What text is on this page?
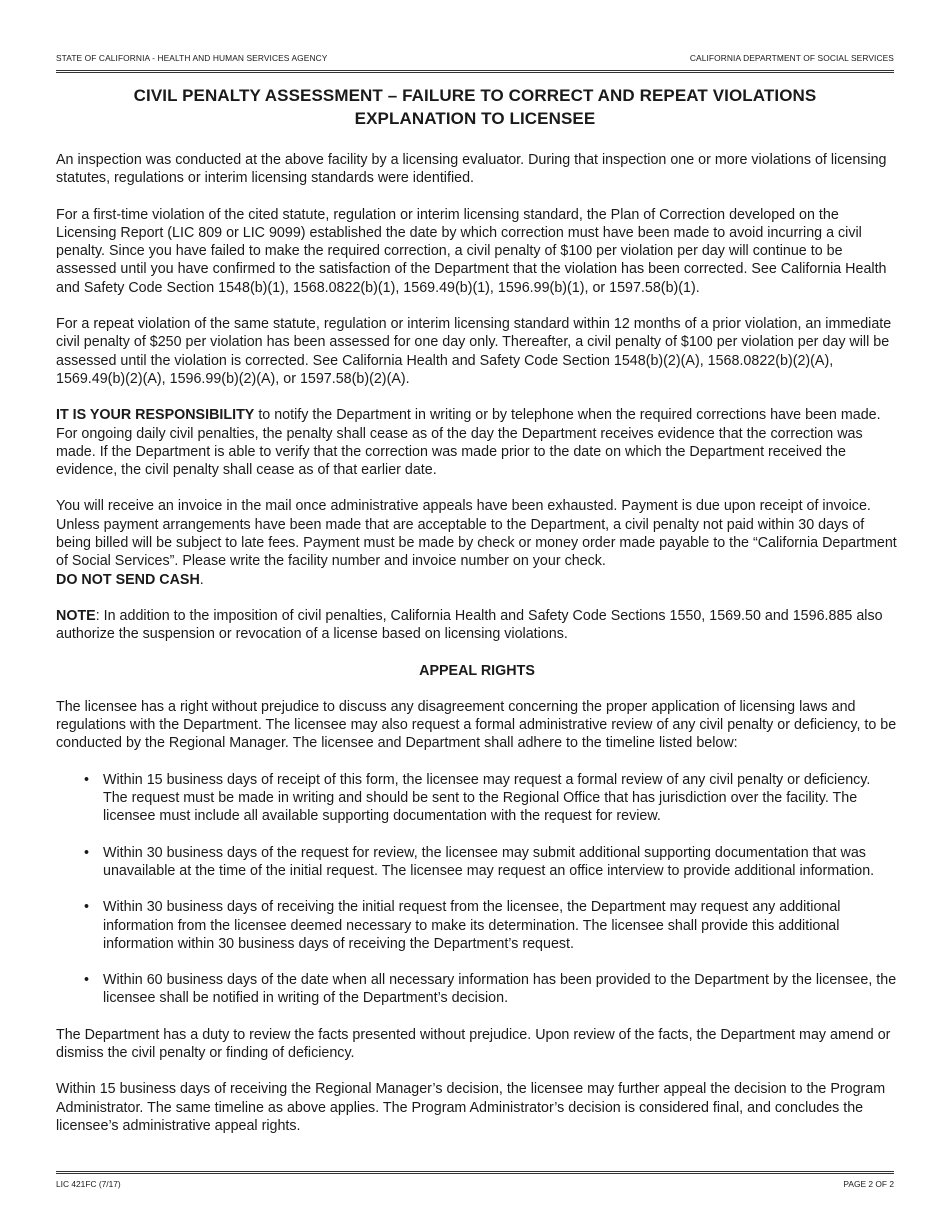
STATE OF CALIFORNIA - HEALTH AND HUMAN SERVICES AGENCY	CALIFORNIA DEPARTMENT OF SOCIAL SERVICES
CIVIL PENALTY ASSESSMENT – FAILURE TO CORRECT AND REPEAT VIOLATIONS
EXPLANATION TO LICENSEE

An inspection was conducted at the above facility by a licensing evaluator. During that inspection one or more violations of licensing statutes, regulations or interim licensing standards were identified.

For a first-time violation of the cited statute, regulation or interim licensing standard, the Plan of Correction developed on the Licensing Report (LIC 809 or LIC 9099) established the date by which correction must have been made to avoid incurring a civil penalty. Since you have failed to make the required correction, a civil penalty of $100 per violation per day will continue to be assessed until you have confirmed to the satisfaction of the Department that the violation has been corrected. See California Health and Safety Code Section 1548(b)(1), 1568.0822(b)(1), 1569.49(b)(1), 1596.99(b)(1), or 1597.58(b)(1).

For a repeat violation of the same statute, regulation or interim licensing standard within 12 months of a prior violation, an immediate civil penalty of $250 per violation has been assessed for one day only. Thereafter, a civil penalty of $100 per violation per day will be assessed until the violation is corrected. See California Health and Safety Code Section 1548(b)(2)(A), 1568.0822(b)(2)(A), 1569.49(b)(2)(A), 1596.99(b)(2)(A), or 1597.58(b)(2)(A).

IT IS YOUR RESPONSIBILITY to notify the Department in writing or by telephone when the required corrections have been made. For ongoing daily civil penalties, the penalty shall cease as of the day the Department receives evidence that the correction was made. If the Department is able to verify that the correction was made prior to the date on which the Department received the evidence, the civil penalty shall cease as of that earlier date.

You will receive an invoice in the mail once administrative appeals have been exhausted. Payment is due upon receipt of invoice. Unless payment arrangements have been made that are acceptable to the Department, a civil penalty not paid within 30 days of being billed will be subject to late fees. Payment must be made by check or money order made payable to the “California Department of Social Services”. Please write the facility number and invoice number on your check.
DO NOT SEND CASH.

NOTE: In addition to the imposition of civil penalties, California Health and Safety Code Sections 1550, 1569.50 and 1596.885 also authorize the suspension or revocation of a license based on licensing violations.

APPEAL RIGHTS

The licensee has a right without prejudice to discuss any disagreement concerning the proper application of licensing laws and regulations with the Department. The licensee may also request a formal administrative review of any civil penalty or deficiency, to be conducted by the Regional Manager. The licensee and Department shall adhere to the timeline listed below:

• Within 15 business days of receipt of this form, the licensee may request a formal review of any civil penalty or deficiency. The request must be made in writing and should be sent to the Regional Office that has jurisdiction over the facility. The licensee must include all available supporting documentation with the request for review.
• Within 30 business days of the request for review, the licensee may submit additional supporting documentation that was unavailable at the time of the initial request. The licensee may request an office interview to provide additional information.
• Within 30 business days of receiving the initial request from the licensee, the Department may request any additional information from the licensee deemed necessary to make its determination. The licensee shall provide this additional information within 30 business days of receiving the Department’s request.
• Within 60 business days of the date when all necessary information has been provided to the Department by the licensee, the licensee shall be notified in writing of the Department’s decision.

The Department has a duty to review the facts presented without prejudice. Upon review of the facts, the Department may amend or dismiss the civil penalty or finding of deficiency.

Within 15 business days of receiving the Regional Manager’s decision, the licensee may further appeal the decision to the Program Administrator. The same timeline as above applies. The Program Administrator’s decision is considered final, and concludes the licensee’s administrative appeal rights.

LIC 421FC (7/17)	PAGE 2 OF 2
